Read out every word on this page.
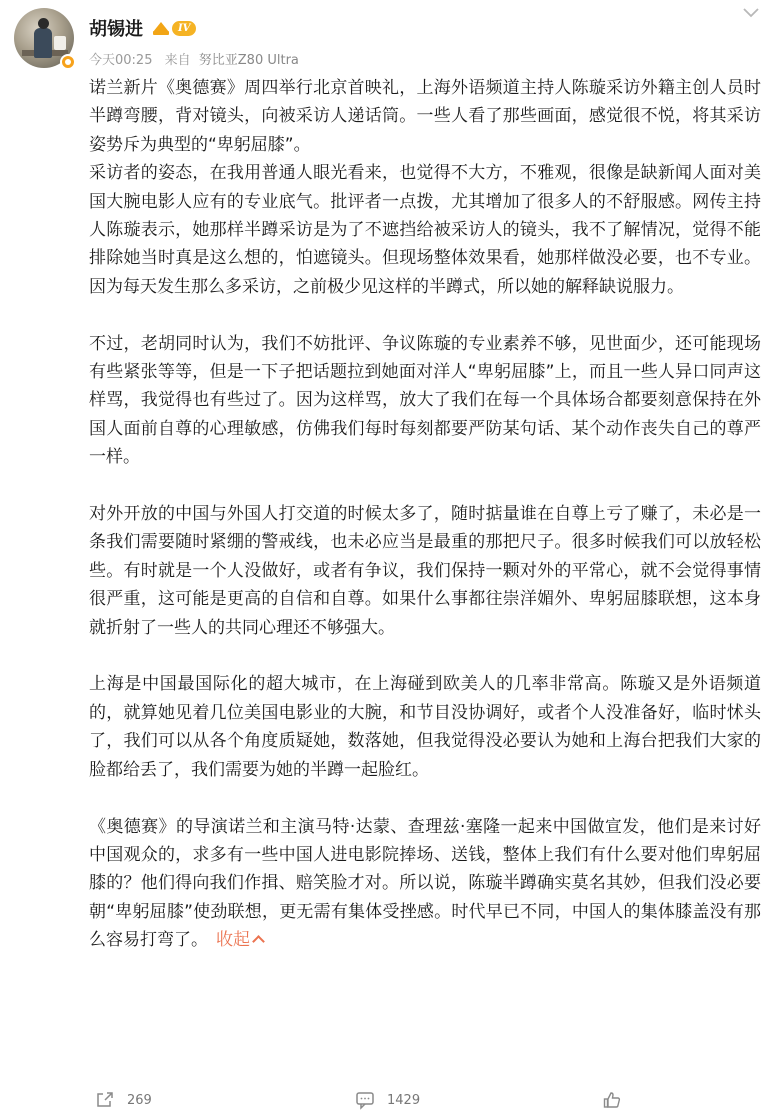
胡锡进	IV
今天00:25 来自 努比亚Z80 Ultra

诺兰新片《奥德赛》周四举行北京首映礼，上海外语频道主持人陈璇采访外籍主创人员时半蹲弯腰，背对镜头，向被采访人递话筒。一些人看了那些画面，感觉很不悦，将其采访姿势斥为典型的“卑躬屈膝”。

采访者的姿态，在我用普通人眼光看来，也觉得不大方，不雅观，很像是缺新闻人面对美国大腕电影人应有的专业底气。批评者一点拨，尤其增加了很多人的不舒服感。网传主持人陈璇表示，她那样半蹲采访是为了不遮挡给被采访人的镜头，我不了解情况，觉得不能排除她当时真是这么想的，怕遮镜头。但现场整体效果看，她那样做没必要，也不专业。因为每天发生那么多采访，之前极少见这样的半蹲式，所以她的解释缺说服力。

不过，老胡同时认为，我们不妨批评、争议陈璇的专业素养不够，见世面少，还可能现场有些紧张等等，但是一下子把话题拉到她面对洋人“卑躬屈膝”上，而且一些人异口同声这样骂，我觉得也有些过了。因为这样骂，放大了我们在每一个具体场合都要刻意保持在外国人面前自尊的心理敏感，仿佛我们每时每刻都要严防某句话、某个动作丧失自己的尊严一样。

对外开放的中国与外国人打交道的时候太多了，随时掂量谁在自尊上亏了赚了，未必是一条我们需要随时紧绷的警戒线，也未必应当是最重的那把尺子。很多时候我们可以放轻松些。有时就是一个人没做好，或者有争议，我们保持一颗对外的平常心，就不会觉得事情很严重，这可能是更高的自信和自尊。如果什么事都往崇洋媚外、卑躬屈膝联想，这本身就折射了一些人的共同心理还不够强大。

上海是中国最国际化的超大城市，在上海碰到欧美人的几率非常高。陈璇又是外语频道的，就算她见着几位美国电影业的大腕，和节目没协调好，或者个人没准备好，临时怵头了，我们可以从各个角度质疑她，数落她，但我觉得没必要认为她和上海台把我们大家的脸都给丢了，我们需要为她的半蹲一起脸红。

《奥德赛》的导演诺兰和主演马特·达蒙、查理兹·塞隆一起来中国做宣发，他们是来讨好中国观众的，求多有一些中国人进电影院捧场、送钱，整体上我们有什么要对他们卑躬屈膝的？他们得向我们作揖、赔笑脸才对。所以说，陈璇半蹲确实莫名其妙，但我们没必要朝“卑躬屈膝”使劲联想，更无需有集体受挫感。时代早已不同，中国人的集体膝盖没有那么容易打弯了。 收起

269	1429
